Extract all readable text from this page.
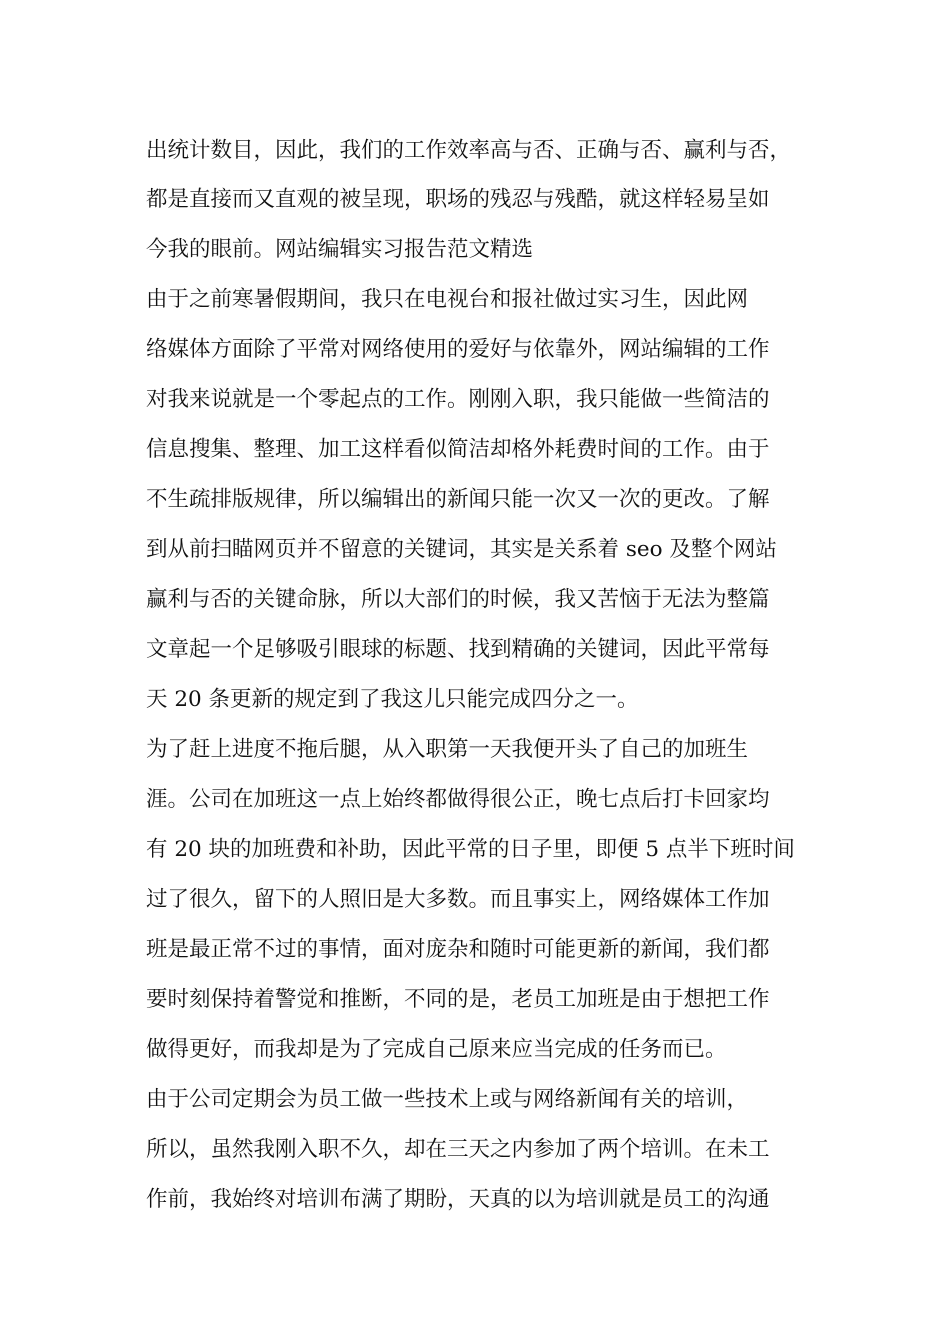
出统计数目，因此，我们的工作效率高与否、正确与否、赢利与否，
都是直接而又直观的被呈现，职场的残忍与残酷，就这样轻易呈如
今我的眼前。网站编辑实习报告范文精选
由于之前寒暑假期间，我只在电视台和报社做过实习生，因此网
络媒体方面除了平常对网络使用的爱好与依靠外，网站编辑的工作
对我来说就是一个零起点的工作。刚刚入职，我只能做一些简洁的
信息搜集、整理、加工这样看似简洁却格外耗费时间的工作。由于
不生疏排版规律，所以编辑出的新闻只能一次又一次的更改。了解
到从前扫瞄网页并不留意的关键词，其实是关系着 seo 及整个网站
赢利与否的关键命脉，所以大部们的时候，我又苦恼于无法为整篇
文章起一个足够吸引眼球的标题、找到精确的关键词，因此平常每
天 20 条更新的规定到了我这儿只能完成四分之一。
为了赶上进度不拖后腿，从入职第一天我便开头了自己的加班生
涯。公司在加班这一点上始终都做得很公正，晚七点后打卡回家均
有 20 块的加班费和补助，因此平常的日子里，即便 5 点半下班时间
过了很久，留下的人照旧是大多数。而且事实上，网络媒体工作加
班是最正常不过的事情，面对庞杂和随时可能更新的新闻，我们都
要时刻保持着警觉和推断，不同的是，老员工加班是由于想把工作
做得更好，而我却是为了完成自己原来应当完成的任务而已。
由于公司定期会为员工做一些技术上或与网络新闻有关的培训，
所以，虽然我刚入职不久，却在三天之内参加了两个培训。在未工
作前，我始终对培训布满了期盼，天真的以为培训就是员工的沟通
